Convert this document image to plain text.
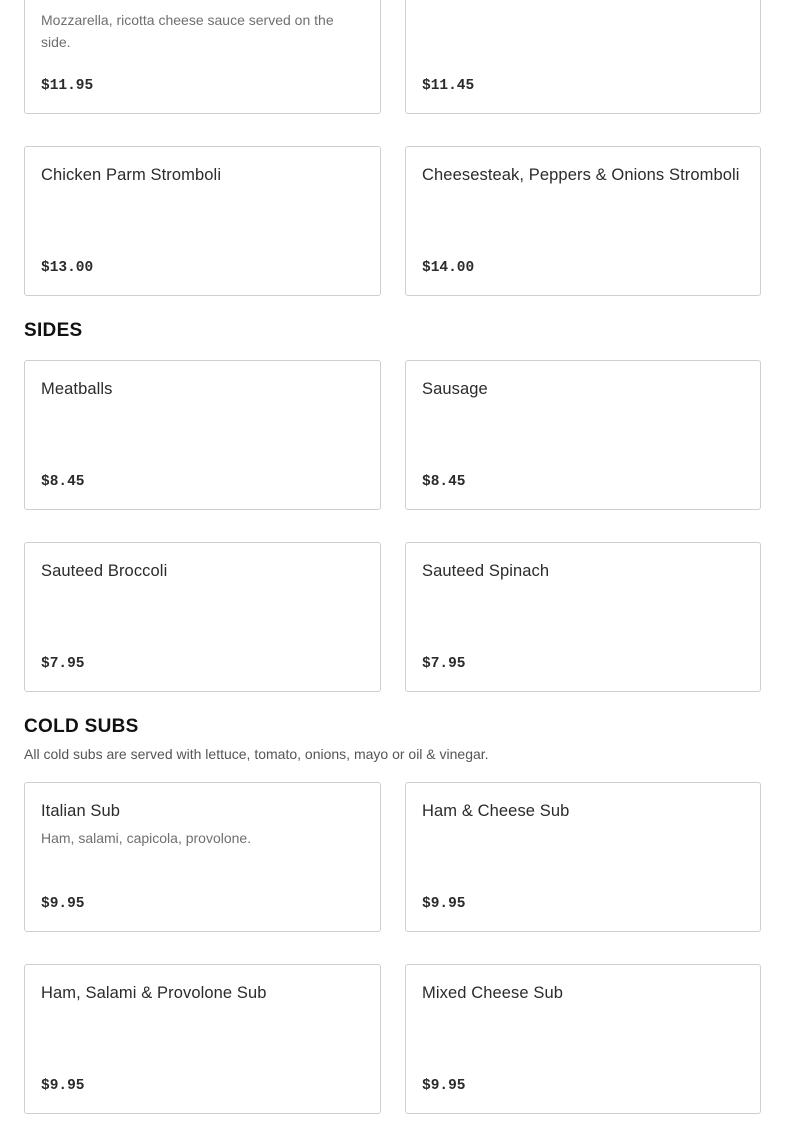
Mozzarella, ricotta cheese sauce served on the side.
$11.95	$11.45
Chicken Parm Stromboli
$13.00
Cheesesteak, Peppers & Onions Stromboli
$14.00
SIDES
Meatballs
$8.45
Sausage
$8.45
Sauteed Broccoli
$7.95
Sauteed Spinach
$7.95
COLD SUBS
All cold subs are served with lettuce, tomato, onions, mayo or oil & vinegar.
Italian Sub
Ham, salami, capicola, provolone.
$9.95
Ham & Cheese Sub
$9.95
Ham, Salami & Provolone Sub
$9.95
Mixed Cheese Sub
$9.95
